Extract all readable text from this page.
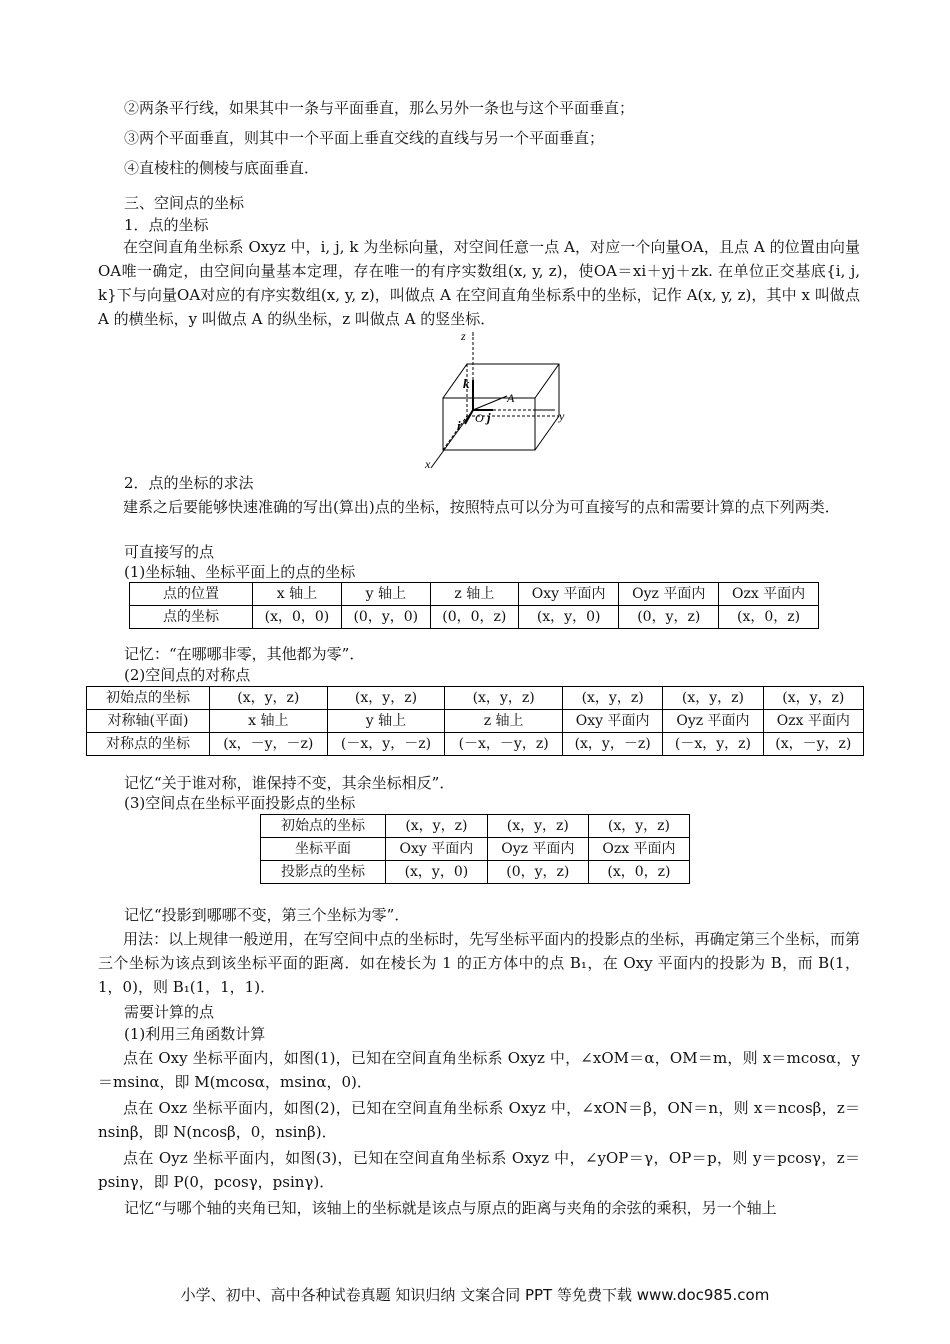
②两条平行线，如果其中一条与平面垂直，那么另外一条也与这个平面垂直；
③两个平面垂直，则其中一个平面上垂直交线的直线与另一个平面垂直；
④直棱柱的侧棱与底面垂直．
三、空间点的坐标
1．点的坐标
在空间直角坐标系 Oxyz 中，i, j, k 为坐标向量，对空间任意一点 A，对应一个向量OA，且点 A 的位置由向量OA唯一确定，由空间向量基本定理，存在唯一的有序实数组(x, y, z)，使OA＝xi＋yj＋zk. 在单位正交基底{i, j, k}下与向量OA对应的有序实数组(x, y, z)，叫做点 A 在空间直角坐标系中的坐标，记作 A(x, y, z)，其中 x 叫做点 A 的横坐标，y 叫做点 A 的纵坐标，z 叫做点 A 的竖坐标．
z
y
x
k
i
j
O
A
2．点的坐标的求法
建系之后要能够快速准确的写出(算出)点的坐标，按照特点可以分为可直接写的点和需要计算的点下列两类．
可直接写的点
(1)坐标轴、坐标平面上的点的坐标
点的位置	x 轴上	y 轴上	z 轴上	Oxy 平面内	Oyz 平面内	Ozx 平面内
点的坐标	(x，0，0)	(0，y，0)	(0，0，z)	(x，y，0)	(0，y，z)	(x，0，z)
记忆：“在哪哪非零，其他都为零”．
(2)空间点的对称点
初始点的坐标	(x，y，z)	(x，y，z)	(x，y，z)	(x，y，z)	(x，y，z)	(x，y，z)
对称轴(平面)	x 轴上	y 轴上	z 轴上	Oxy 平面内	Oyz 平面内	Ozx 平面内
对称点的坐标	(x，－y，－z)	(－x，y，－z)	(－x，－y，z)	(x，y，－z)	(－x，y，z)	(x，－y，z)
记忆“关于谁对称，谁保持不变，其余坐标相反”．
(3)空间点在坐标平面投影点的坐标
初始点的坐标	(x，y，z)	(x，y，z)	(x，y，z)
坐标平面	Oxy 平面内	Oyz 平面内	Ozx 平面内
投影点的坐标	(x，y，0)	(0，y，z)	(x，0，z)
记忆“投影到哪哪不变，第三个坐标为零”．
用法：以上规律一般逆用，在写空间中点的坐标时，先写坐标平面内的投影点的坐标，再确定第三个坐标，而第三个坐标为该点到该坐标平面的距离．如在棱长为 1 的正方体中的点 B₁，在 Oxy 平面内的投影为 B，而 B(1，1，0)，则 B₁(1，1，1)．
需要计算的点
(1)利用三角函数计算
点在 Oxy 坐标平面内，如图(1)，已知在空间直角坐标系 Oxyz 中，∠xOM＝α，OM＝m，则 x＝mcosα，y＝msinα，即 M(mcosα，msinα，0)．
点在 Oxz 坐标平面内，如图(2)，已知在空间直角坐标系 Oxyz 中，∠xON＝β，ON＝n，则 x＝ncosβ，z＝nsinβ，即 N(ncosβ，0，nsinβ)．
点在 Oyz 坐标平面内，如图(3)，已知在空间直角坐标系 Oxyz 中，∠yOP＝γ，OP＝p，则 y＝pcosγ，z＝psinγ，即 P(0，pcosγ，psinγ)．
记忆“与哪个轴的夹角已知，该轴上的坐标就是该点与原点的距离与夹角的余弦的乘积，另一个轴上
小学、初中、高中各种试卷真题 知识归纳 文案合同 PPT 等免费下载 www.doc985.com
